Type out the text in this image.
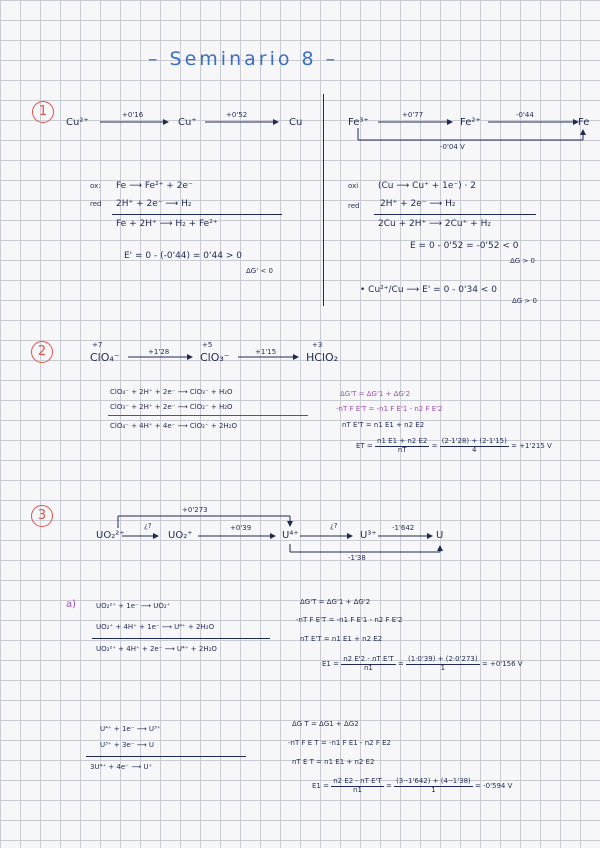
– Seminario 8 –
1
Cu²⁺	Cu⁺	Cu
+0'16	+0'52
Fe³⁺	Fe²⁺	Fe
+0'77	-0'44
-0'04 V
ox: Fe ⟶ Fe²⁺ + 2e⁻
red 2H⁺ + 2e⁻ ⟶ H₂
Fe + 2H⁺ ⟶ H₂ + Fe²⁺
E' = 0 - (-0'44) = 0'44 > 0
ΔG' < 0
oxi (Cu ⟶ Cu⁺ + 1e⁻) · 2
red 2H⁺ + 2e⁻ ⟶ H₂
2Cu + 2H⁺ ⟶ 2Cu⁺ + H₂
E = 0 - 0'52 = -0'52 < 0
ΔG > 0
• Cu²⁺/Cu ⟶ E' = 0 - 0'34 < 0
ΔG > 0
2	+7	+5	+3
ClO₄⁻	ClO₃⁻	HClO₂
+1'28	+1'15
ClO₄⁻ + 2H⁺ + 2e⁻ ⟶ ClO₃⁻ + H₂O
ClO₃⁻ + 2H⁺ + 2e⁻ ⟶ ClO₂⁻ + H₂O
ClO₄⁻ + 4H⁺ + 4e⁻ ⟶ ClO₂⁻ + 2H₂O
ΔG'T = ΔG'1 + ΔG'2
-nT F E'T = -n1 F E'1 - n2 F E'2
nT E'T = n1 E1 + n2 E2
ET = $\frac{n1 E1 + n2 E2}{nT} = \frac{(2\cdot 1'28) + (2\cdot 1'15)}{4} = +1'215$ V
3	+0'273
UO₂²⁺	UO₂⁺	U⁴⁺	U³⁺	U
¿?	+0'39	¿?	-1'642
-1'38
a)	UO₂²⁺ + 1e⁻ ⟶ UO₂⁺
UO₂⁺ + 4H⁺ + 1e⁻ ⟶ U⁴⁺ + 2H₂O
UO₂²⁺ + 4H⁺ + 2e⁻ ⟶ U⁴⁺ + 2H₂O
ΔG'T = ΔG'1 + ΔG'2
-nT F E'T = -n1 F E'1 - n2 F E'2
nT E'T = n1 E1 + n2 E2
$E1 = \frac{\text{n2 E'2 - nT E'T}}{n1} = \frac{(1\cdot 0'39) + (2\cdot 0'273)}{1} = +0'156$ V
U⁴⁺ + 1e⁻ ⟶ U³⁺
U³⁺ + 3e⁻ ⟶ U
3U⁴⁺ + 4e⁻ ⟶ U⁺
ΔG T = ΔG1 + ΔG2
-nT F E T = -n1 F E1 - n2 F E2
nT E T = n1 E1 + n2 E2
$E1 = \frac{\text{n2 E2 - nT E'T}}{n1} = \frac{(3\cdot-1'642) + (4\cdot-1'38)}{1} = -0'594$ V
